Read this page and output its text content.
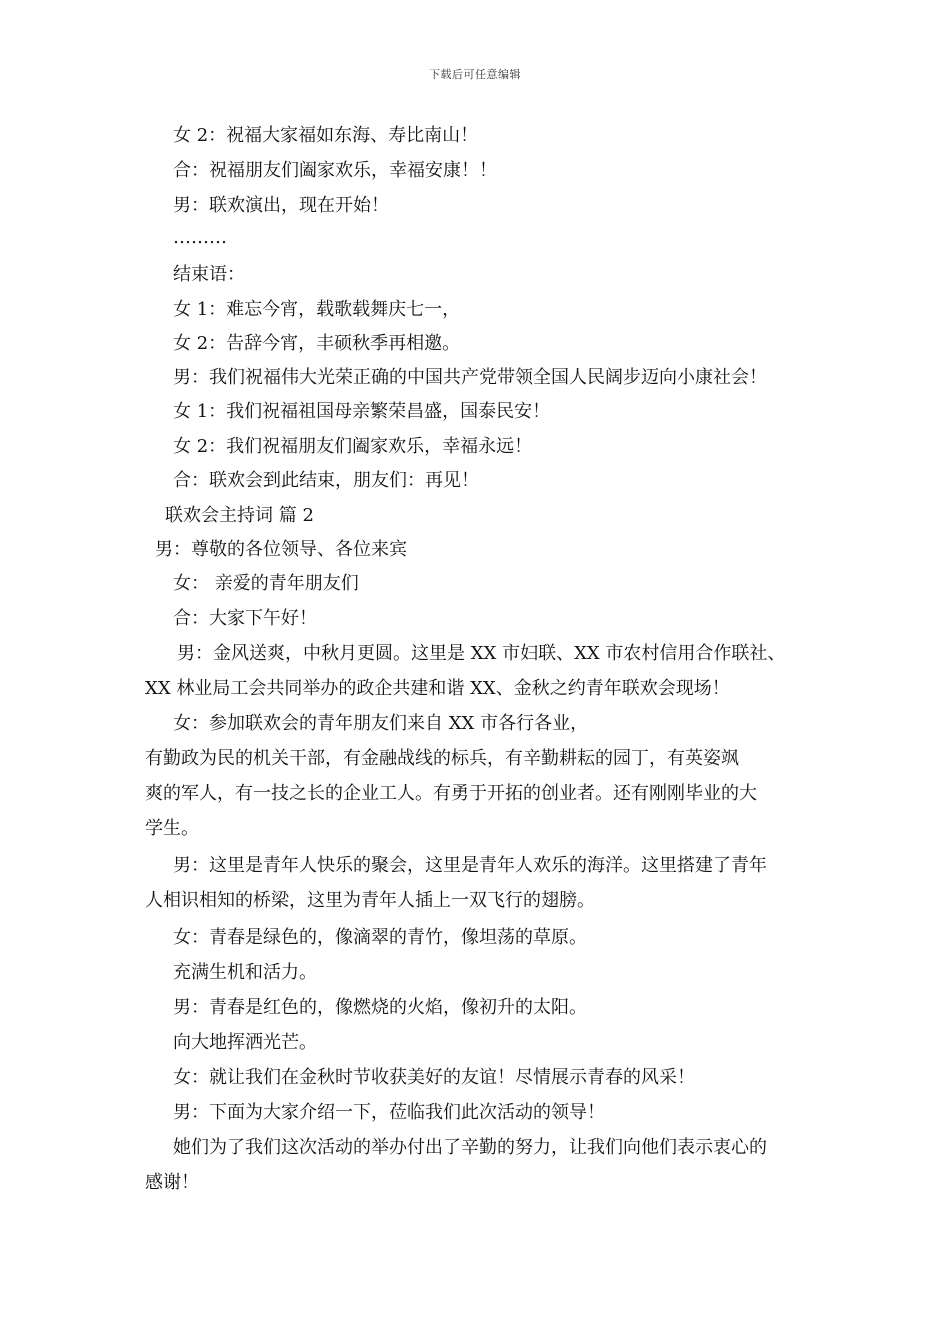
下载后可任意编辑
女 2：祝福大家福如东海、寿比南山！
合：祝福朋友们阖家欢乐，幸福安康！！
男：联欢演出，现在开始！
………
结束语：
女 1：难忘今宵，载歌载舞庆七一，
女 2：告辞今宵，丰硕秋季再相邀。
男：我们祝福伟大光荣正确的中国共产党带领全国人民阔步迈向小康社会！
女 1：我们祝福祖国母亲繁荣昌盛，国泰民安！
女 2：我们祝福朋友们阖家欢乐，幸福永远！
合：联欢会到此结束，朋友们：再见！
联欢会主持词 篇 2
男：尊敬的各位领导、各位来宾
女： 亲爱的青年朋友们
合：大家下午好！
男：金风送爽，中秋月更圆。这里是 XX 市妇联、XX 市农村信用合作联社、
XX 林业局工会共同举办的政企共建和谐 XX、金秋之约青年联欢会现场！
女：参加联欢会的青年朋友们来自 XX 市各行各业，
有勤政为民的机关干部，有金融战线的标兵，有辛勤耕耘的园丁，有英姿飒
爽的军人，有一技之长的企业工人。有勇于开拓的创业者。还有刚刚毕业的大
学生。
男：这里是青年人快乐的聚会，这里是青年人欢乐的海洋。这里搭建了青年
人相识相知的桥梁，这里为青年人插上一双飞行的翅膀。
女：青春是绿色的，像滴翠的青竹，像坦荡的草原。
充满生机和活力。
男：青春是红色的，像燃烧的火焰，像初升的太阳。
向大地挥洒光芒。
女：就让我们在金秋时节收获美好的友谊！尽情展示青春的风采！
男：下面为大家介绍一下，莅临我们此次活动的领导！
她们为了我们这次活动的举办付出了辛勤的努力，让我们向他们表示衷心的
感谢！
